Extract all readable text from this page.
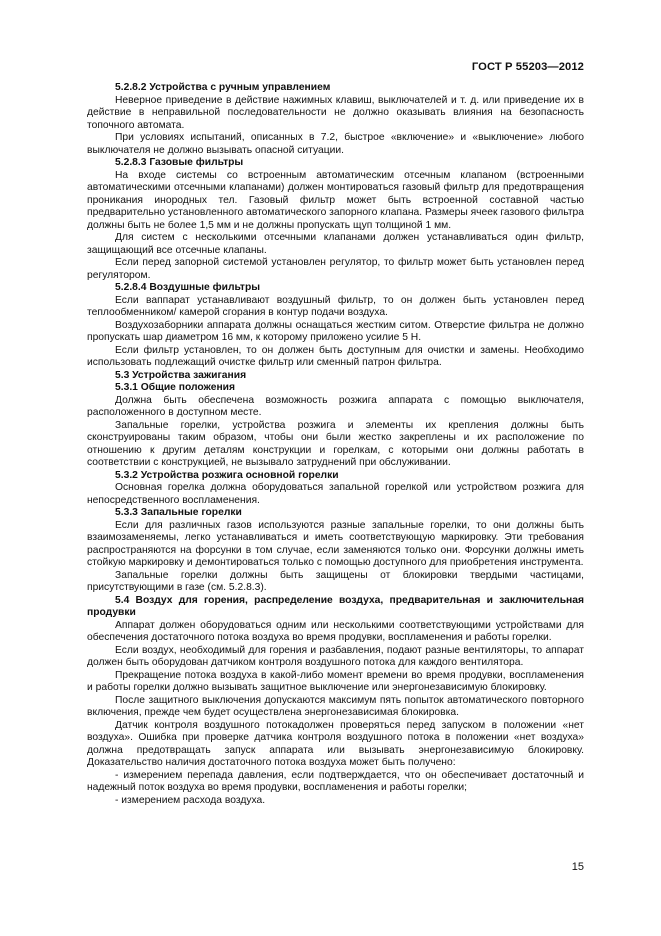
ГОСТ Р 55203—2012
5.2.8.2 Устройства с ручным управлением

Неверное приведение в действие нажимных клавиш, выключателей и т. д. или приведение их в действие в неправильной последовательности не должно оказывать влияния на безопасность топочного автомата.

При условиях испытаний, описанных в 7.2, быстрое «включение» и «выключение» любого выключателя не должно вызывать опасной ситуации.

5.2.8.3 Газовые фильтры

На входе системы со встроенным автоматическим отсечным клапаном (встроенными автоматическими отсечными клапанами) должен монтироваться газовый фильтр для предотвращения проникания инородных тел. Газовый фильтр может быть встроенной составной частью предварительно установленного автоматического запорного клапана. Размеры ячеек газового фильтра должны быть не более 1,5 мм и не должны пропускать щуп толщиной 1 мм.

Для систем с несколькими отсечными клапанами должен устанавливаться один фильтр, защищающий все отсечные клапаны.

Если перед запорной системой установлен регулятор, то фильтр может быть установлен перед регулятором.

5.2.8.4 Воздушные фильтры

Если ваппарат устанавливают воздушный фильтр, то он должен быть установлен перед теплообменником/ камерой сгорания в контур подачи воздуха.

Воздухозаборники аппарата должны оснащаться жестким ситом. Отверстие фильтра не должно пропускать шар диаметром 16 мм, к которому приложено усилие 5 Н.

Если фильтр установлен, то он должен быть доступным для очистки и замены. Необходимо использовать подлежащий очистке фильтр или сменный патрон фильтра.

5.3 Устройства зажигания
5.3.1 Общие положения

Должна быть обеспечена возможность розжига аппарата с помощью выключателя, расположенного в доступном месте.

Запальные горелки, устройства розжига и элементы их крепления должны быть сконструированы таким образом, чтобы они были жестко закреплены и их расположение по отношению к другим деталям конструкции и горелкам, с которыми они должны работать в соответствии с конструкцией, не вызывало затруднений при обслуживании.

5.3.2 Устройства розжига основной горелки

Основная горелка должна оборудоваться запальной горелкой или устройством розжига для непосредственного воспламенения.

5.3.3 Запальные горелки

Если для различных газов используются разные запальные горелки, то они должны быть взаимозаменяемы, легко устанавливаться и иметь соответствующую маркировку. Эти требования распространяются на форсунки в том случае, если заменяются только они. Форсунки должны иметь стойкую маркировку и демонтироваться только с помощью доступного для приобретения инструмента.

Запальные горелки должны быть защищены от блокировки твердыми частицами, присутствующими в газе (см. 5.2.8.3).

5.4 Воздух для горения, распределение воздуха, предварительная и заключительная продувки

Аппарат должен оборудоваться одним или несколькими соответствующими устройствами для обеспечения достаточного потока воздуха во время продувки, воспламенения и работы горелки.

Если воздух, необходимый для горения и разбавления, подают разные вентиляторы, то аппарат должен быть оборудован датчиком контроля воздушного потока для каждого вентилятора.

Прекращение потока воздуха в какой-либо момент времени во время продувки, воспламенения и работы горелки должно вызывать защитное выключение или энергонезависимую блокировку.

После защитного выключения допускаются максимум пять попыток автоматического повторного включения, прежде чем будет осуществлена энергонезависимая блокировка.

Датчик контроля воздушного потокадолжен проверяться перед запуском в положении «нет воздуха». Ошибка при проверке датчика контроля воздушного потока в положении «нет воздуха» должна предотвращать запуск аппарата или вызывать энергонезависимую блокировку. Доказательство наличия достаточного потока воздуха может быть получено:

- измерением перепада давления, если подтверждается, что он обеспечивает достаточный и надежный поток воздуха во время продувки, воспламенения и работы горелки;

- измерением расхода воздуха.

15
